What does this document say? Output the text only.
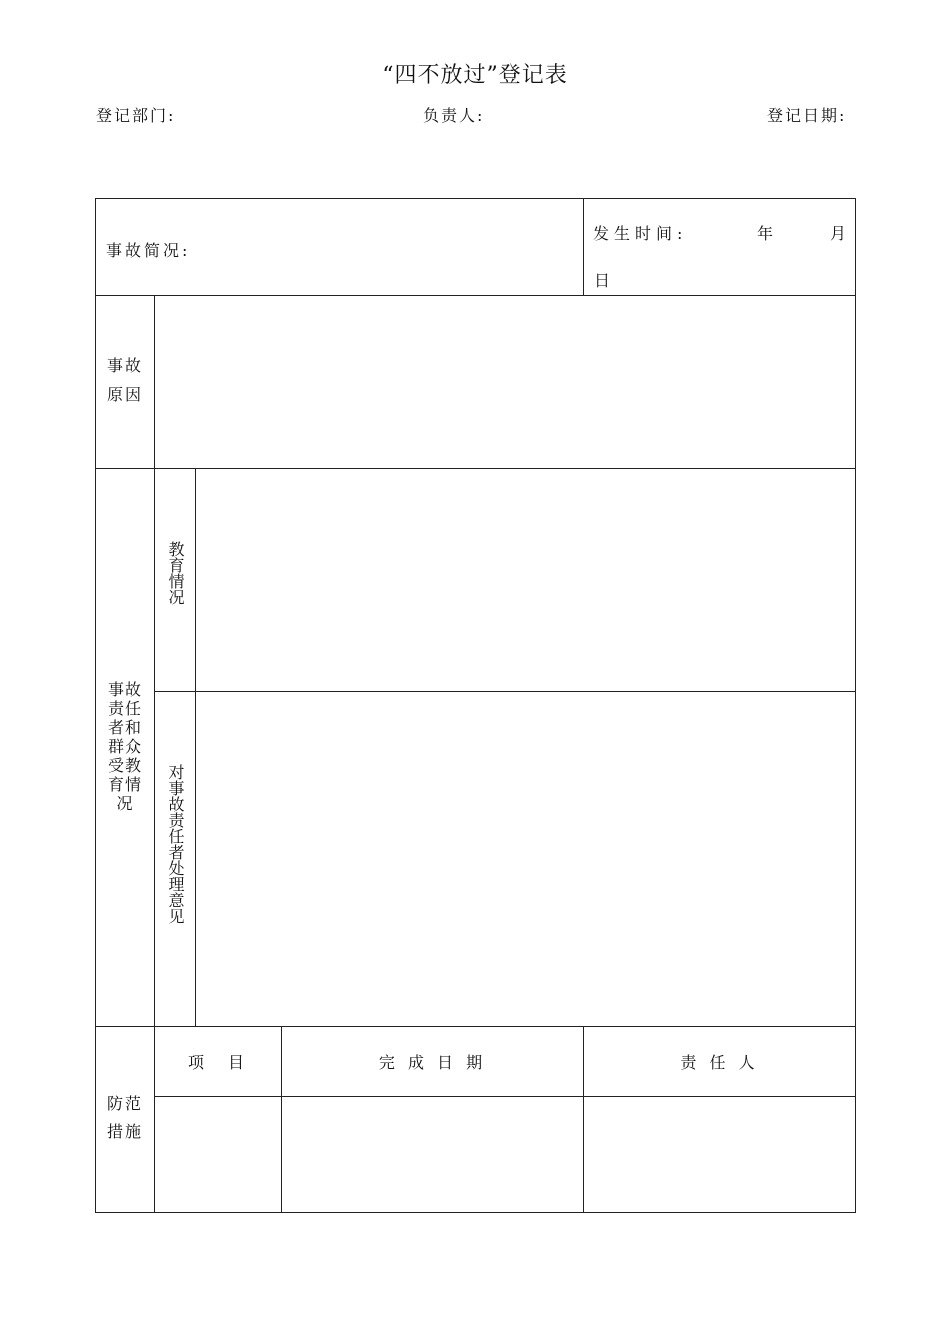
“四不放过”登记表
登记部门:	负责人:	登记日期:
事故简况:
发生时间:	年	月
日
事故
原因
事故责任者和群众受教育情况
教育情况
对事故责任者处理意见
防范
措施
项　目	完 成 日 期	责 任 人
